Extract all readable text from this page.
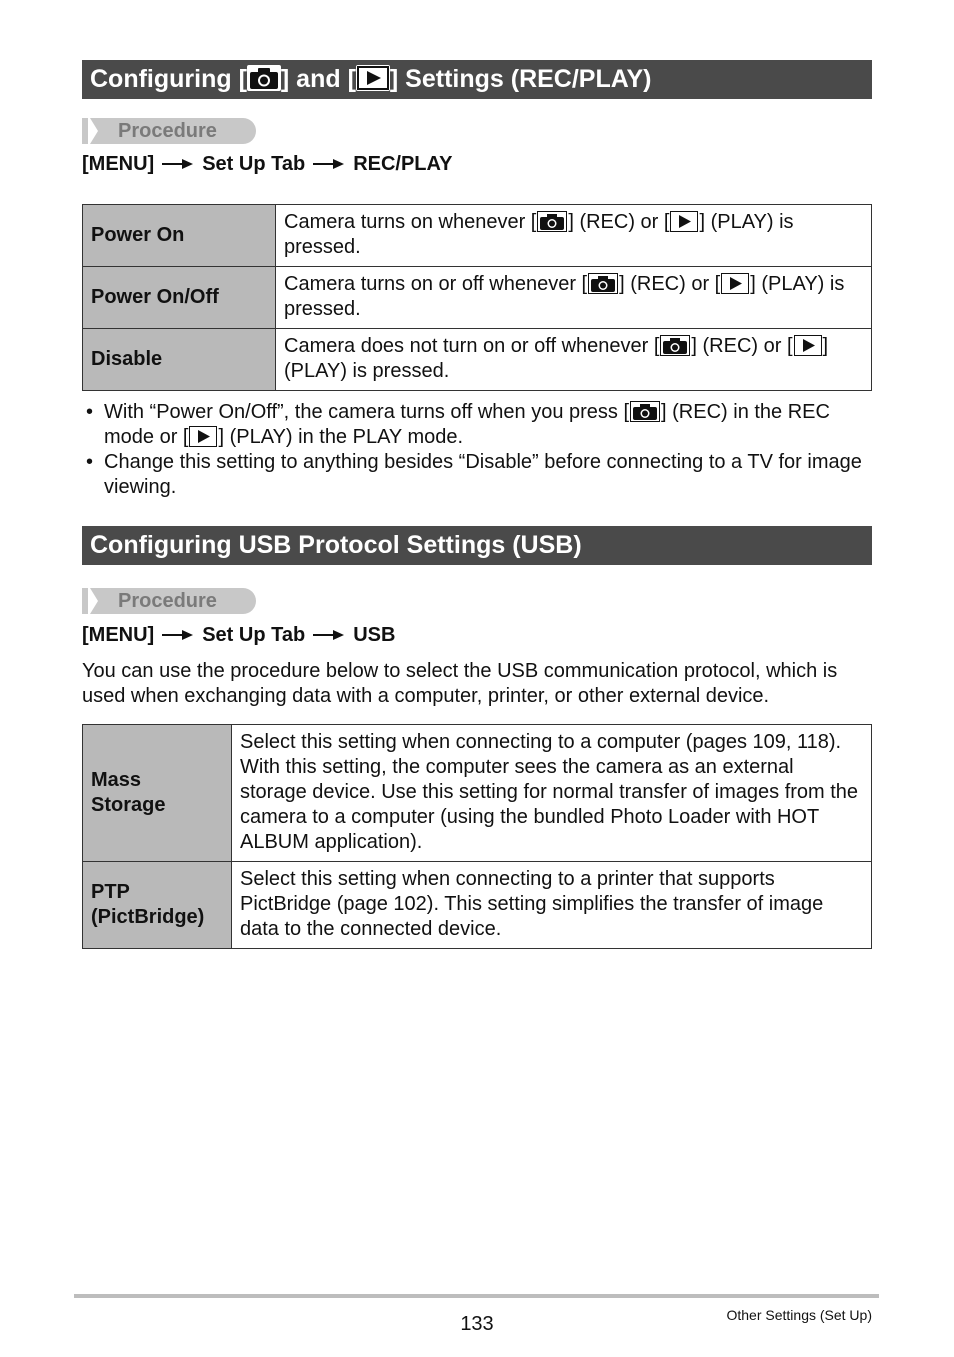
Configuring [ ] and [ ] Settings (REC/PLAY)
Procedure
[MENU] Set Up Tab REC/PLAY
Power On	Camera turns on whenever [ ] (REC) or [ ] (PLAY) is pressed.
Power On/Off	Camera turns on or off whenever [ ] (REC) or [ ] (PLAY) is pressed.
Disable	Camera does not turn on or off whenever [ ] (REC) or [ ] (PLAY) is pressed.
• With “Power On/Off”, the camera turns off when you press [ ] (REC) in the REC mode or [ ] (PLAY) in the PLAY mode.
• Change this setting to anything besides “Disable” before connecting to a TV for image viewing.
Configuring USB Protocol Settings (USB)
Procedure
[MENU] Set Up Tab USB
You can use the procedure below to select the USB communication protocol, which is used when exchanging data with a computer, printer, or other external device.
Mass
Storage	Select this setting when connecting to a computer (pages 109, 118). With this setting, the computer sees the camera as an external storage device. Use this setting for normal transfer of images from the camera to a computer (using the bundled Photo Loader with HOT ALBUM application).
PTP
(PictBridge)	Select this setting when connecting to a printer that supports PictBridge (page 102). This setting simplifies the transfer of image data to the connected device.
133	Other Settings (Set Up)
